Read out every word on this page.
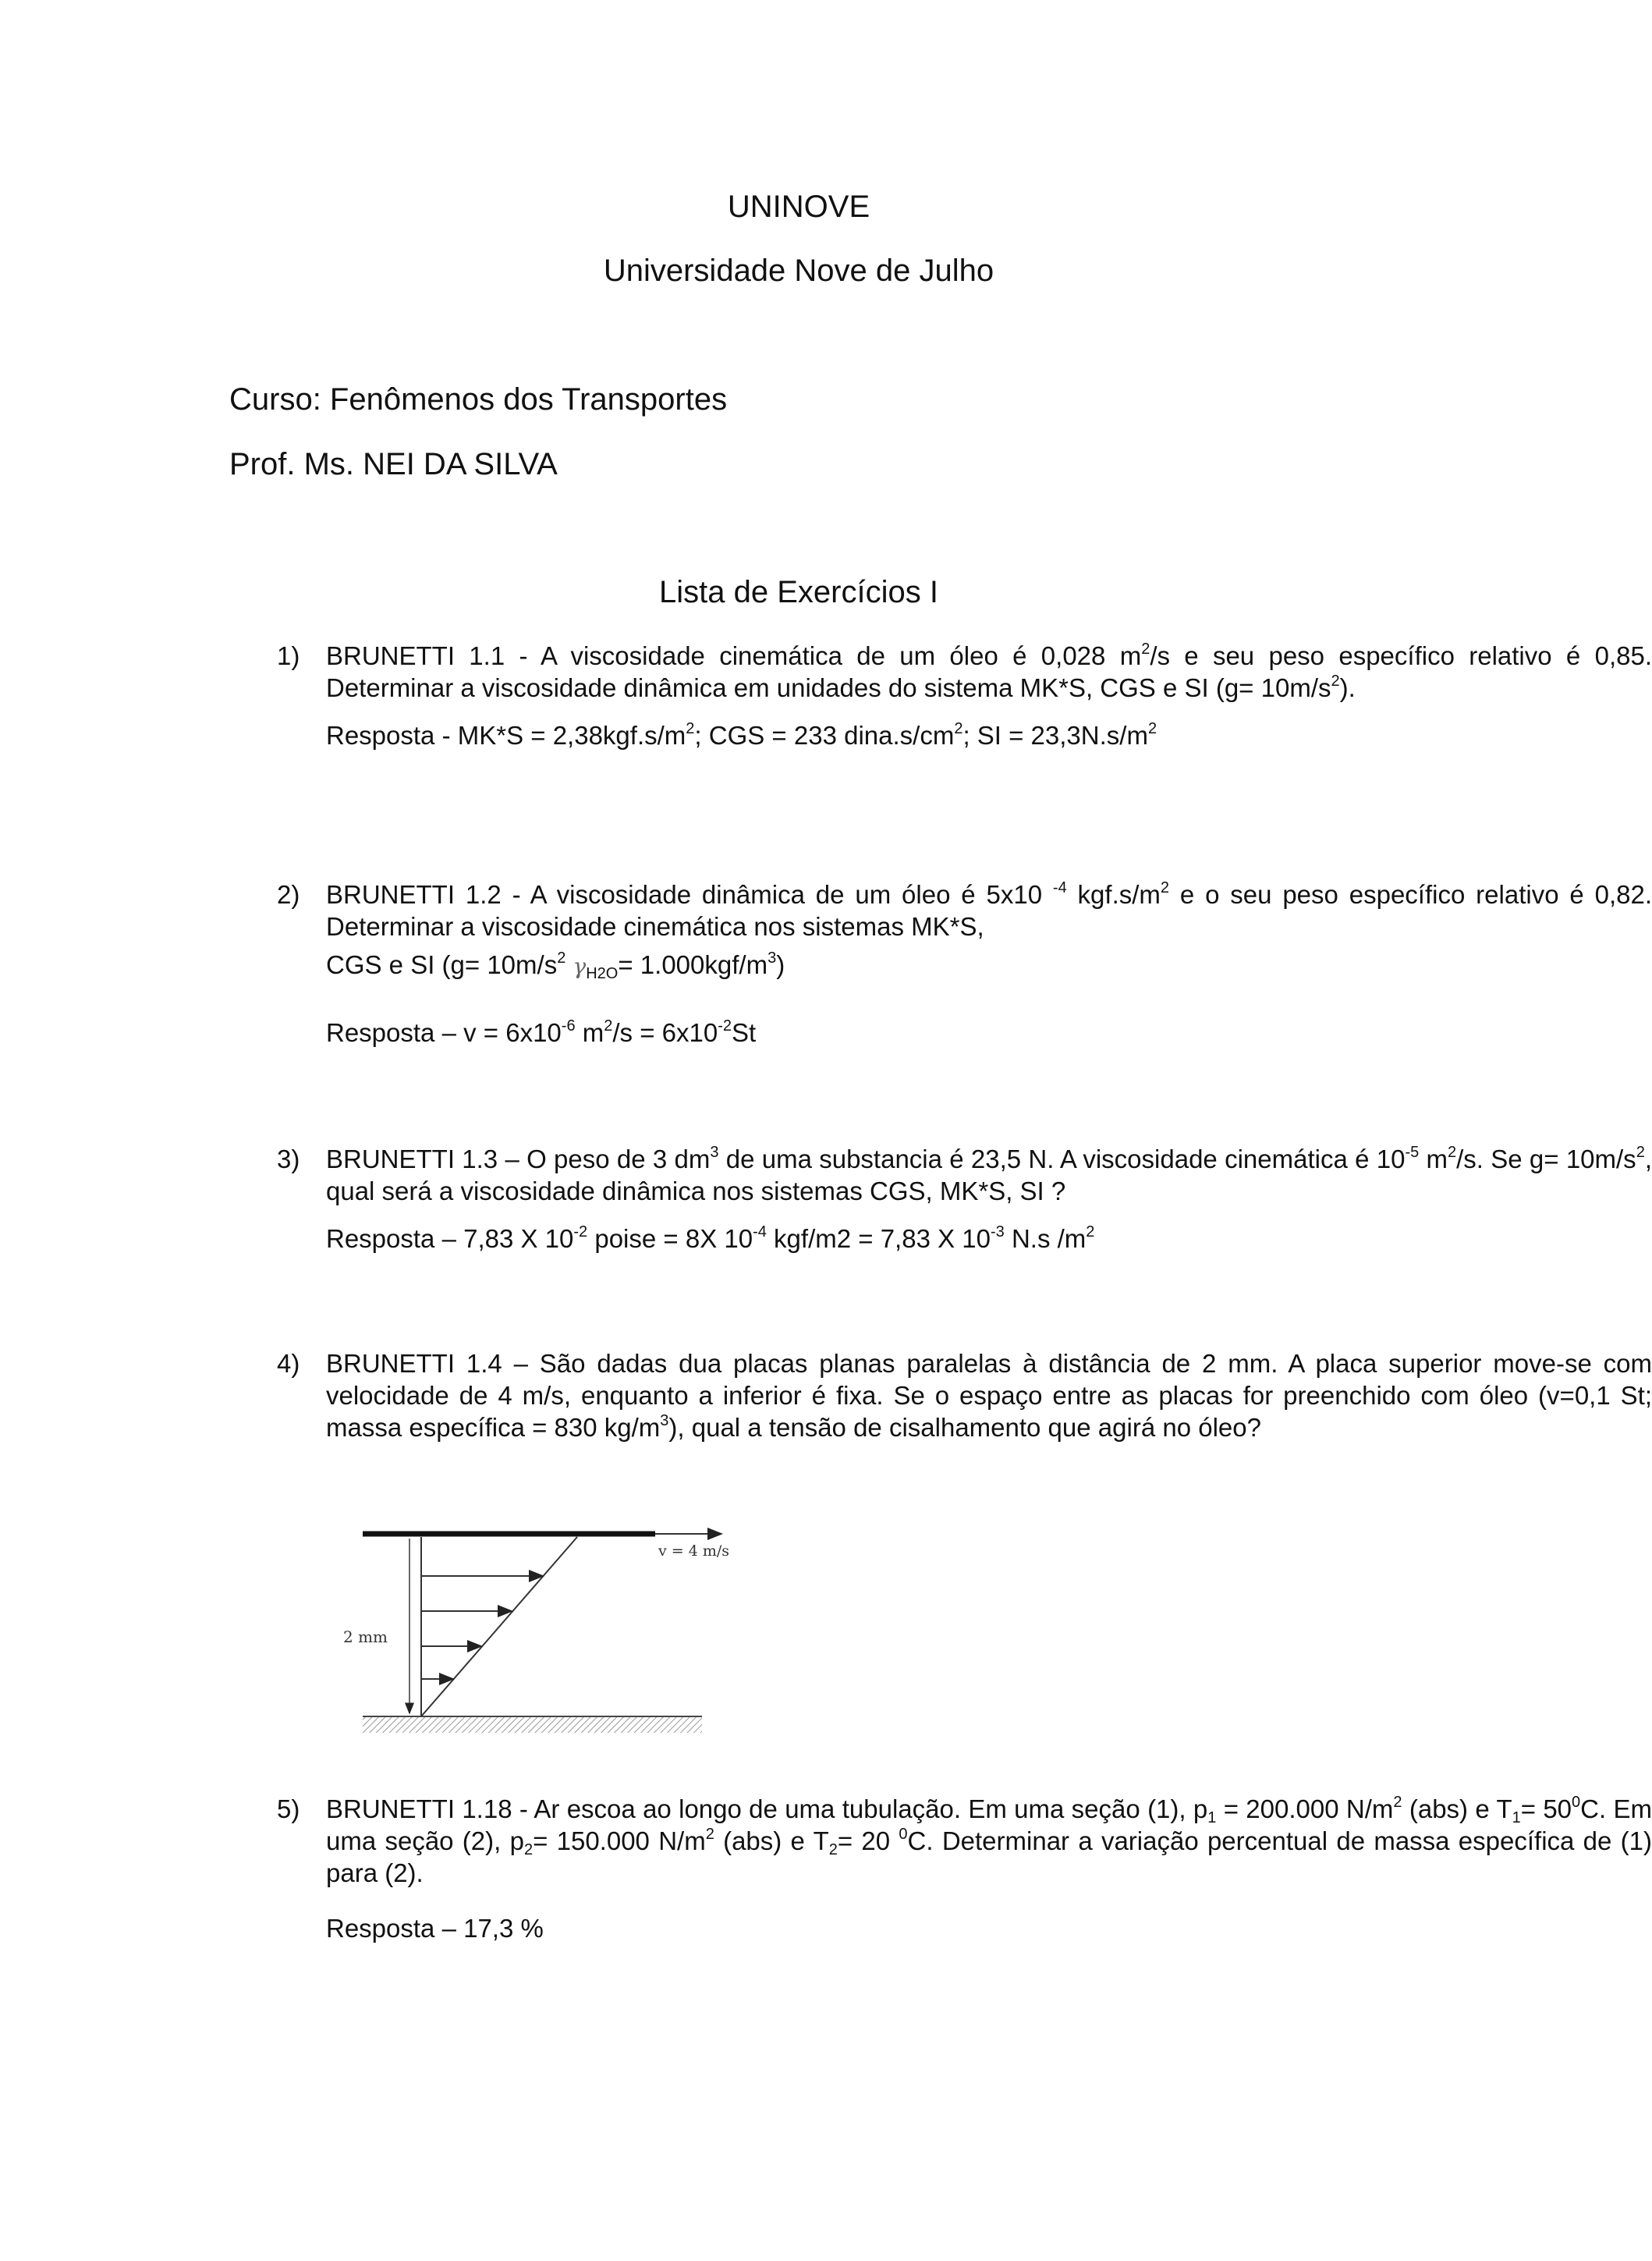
UNINOVE
Universidade Nove de Julho
Curso: Fenômenos dos Transportes
Prof. Ms. NEI DA SILVA
Lista de Exercícios I
1) BRUNETTI 1.1 - A viscosidade cinemática de um óleo é 0,028 $m^2/s$ e seu peso específico relativo é 0,85. Determinar a viscosidade dinâmica em unidades do sistema MK*S, CGS e SI $(g= 10m/s^2)$.
Resposta - $MK*S = 2,38kgf.s/m^2$; CGS = 233 $dina.s/cm^2$; SI = $23,3N.s/m^2$
2) BRUNETTI 1.2 - A viscosidade dinâmica de um óleo é 5x10 $^{-4}$ $kgf.s/m^2$ e o seu peso específico relativo é 0,82. Determinar a viscosidade cinemática nos sistemas MK*S,
CGS e SI ($g= 10m/s^2$ $\gamma_{H2O}= 1.000kgf/m^3$)
Resposta – $v = 6x10^{-6}$ $m^2/s = 6x10^{-2}St$
3) BRUNETTI 1.3 – O peso de 3 $dm^3$ de uma substancia é 23,5 N. A viscosidade cinemática é $10^{-5}$ $m^2/s$. Se $g= 10m/s^2$, qual será a viscosidade dinâmica nos sistemas CGS, MK*S, SI ?
Resposta – 7,83 X $10^{-2}$ poise = 8X $10^{-4}$ kgf/m2 = 7,83 X $10^{-3}$ N.s $/m^2$
4) BRUNETTI 1.4 – São dadas dua placas planas paralelas à distância de 2 mm. A placa superior move-se com velocidade de 4 m/s, enquanto a inferior é fixa. Se o espaço entre as placas for preenchido com óleo (v=0,1 St; massa específica = 830 $kg/m^3$), qual a tensão de cisalhamento que agirá no óleo?
v = 4 m/s
2 mm
5) BRUNETTI 1.18 - Ar escoa ao longo de uma tubulação. Em uma seção (1), $p_1 = 200.000$ $N/m^2$ (abs) e $T_1= 50^0C$. Em uma seção (2), $p_2= 150.000$ $N/m^2$ (abs) e $T_2= 20$ $^0$C. Determinar a variação percentual de massa específica de (1) para (2).
Resposta – 17,3 %
